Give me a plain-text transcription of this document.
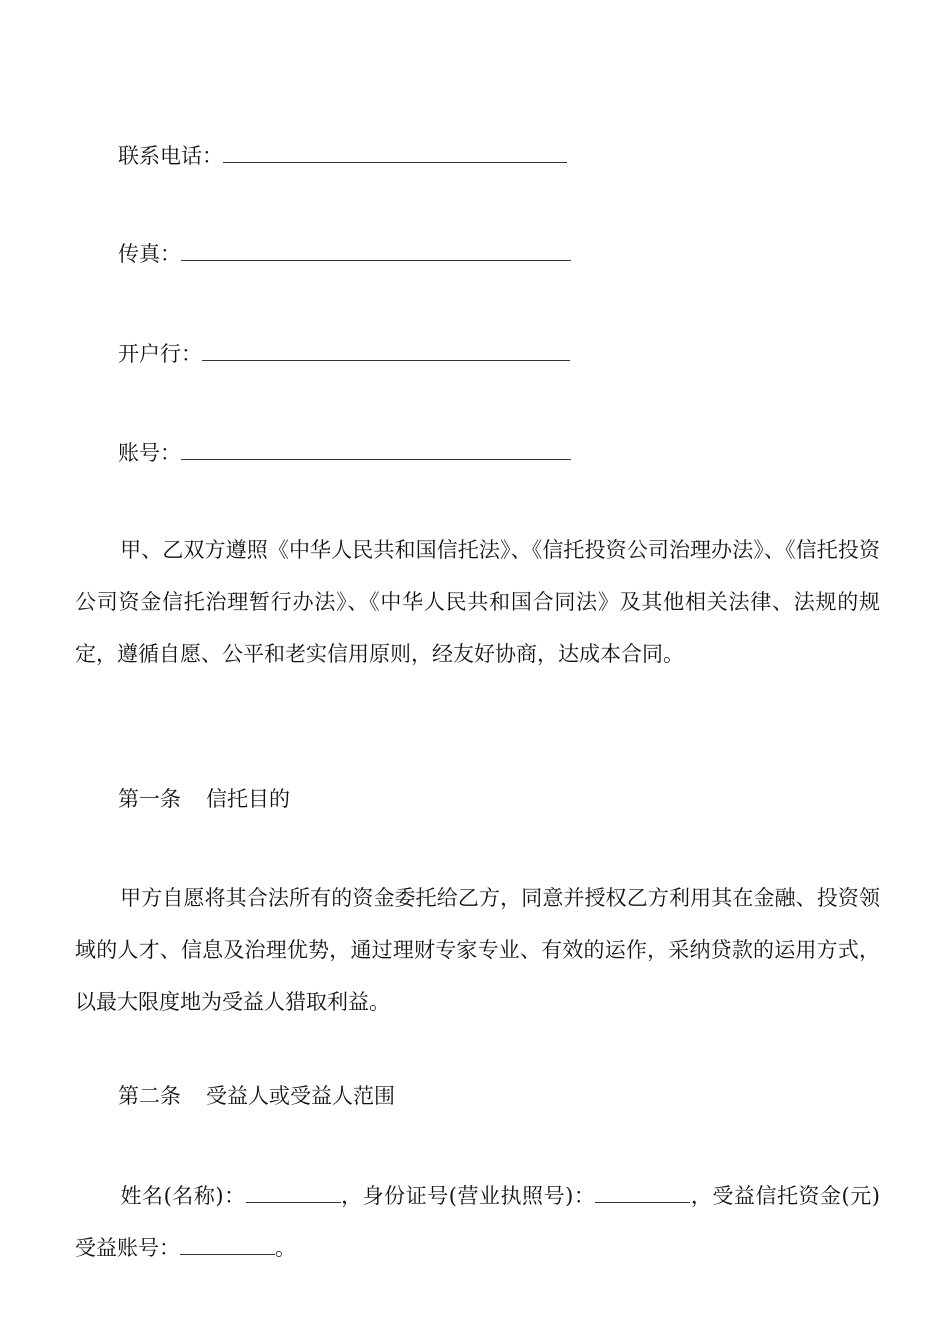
联系电话：
传真：
开户行：
账号：
甲、乙双方遵照《中华人民共和国信托法》、《信托投资公司治理办法》、《信托投资公司资金信托治理暂行办法》、《中华人民共和国合同法》及其他相关法律、法规的规定，遵循自愿、公平和老实信用原则，经友好协商，达成本合同。
第一条 信托目的
甲方自愿将其合法所有的资金委托给乙方，同意并授权乙方利用其在金融、投资领域的人才、信息及治理优势，通过理财专家专业、有效的运作，采纳贷款的运用方式，以最大限度地为受益人猎取利益。
第二条 受益人或受益人范围
姓名(名称)：	，身份证号(营业执照号)：	，受益信托资金(元)受益账号：	。
